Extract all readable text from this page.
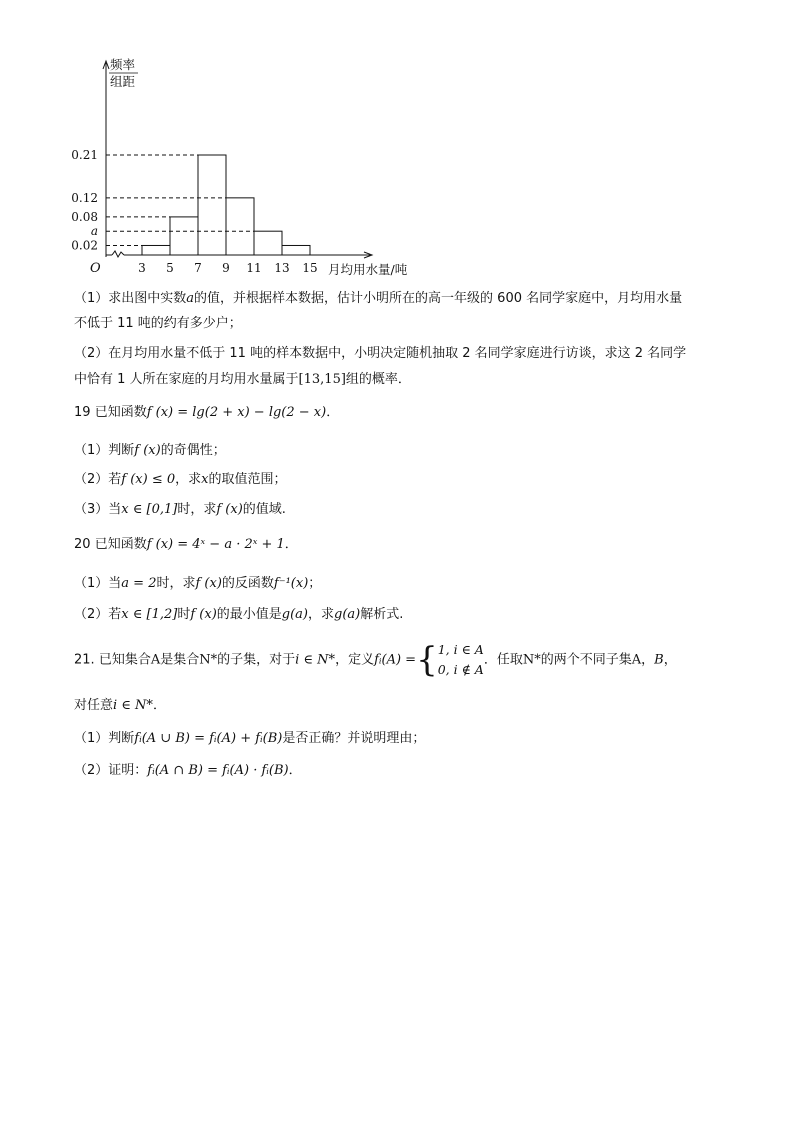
0.21
0.12
0.08
a
0.02
3 5 7 9 11 13 15
O	月均用水量/吨
频率
组距
（1）求出图中实数a的值，并根据样本数据，估计小明所在的高一年级的 600 名同学家庭中，月均用水量
不低于 11 吨的约有多少户；
（2）在月均用水量不低于 11 吨的样本数据中，小明决定随机抽取 2 名同学家庭进行访谈，求这 2 名同学
中恰有 1 人所在家庭的月均用水量属于[13,15]组的概率．
19 已知函数f (x) = lg(2 + x) − lg(2 − x)．
（1）判断f (x)的奇偶性；
（2）若f (x) ≤ 0，求x的取值范围；
（3）当x ∈ [0,1]时，求f (x)的值域.
20 已知函数f (x) = 4ˣ − a · 2ˣ + 1．
（1）当a = 2时，求f (x)的反函数f⁻¹(x)；
（2）若x ∈ [1,2]时f (x)的最小值是g(a)，求g(a)解析式.
21. 已知集合A是集合N*的子集，对于i ∈ N*，定义fᵢ(A) ={1, i ∈ A
0, i ∉ A．任取N*的两个不同子集A，B，
对任意i ∈ N*．
（1）判断fᵢ(A ∪ B) = fᵢ(A) + fᵢ(B)是否正确？并说明理由；
（2）证明：fᵢ(A ∩ B) = fᵢ(A) · fᵢ(B)．
